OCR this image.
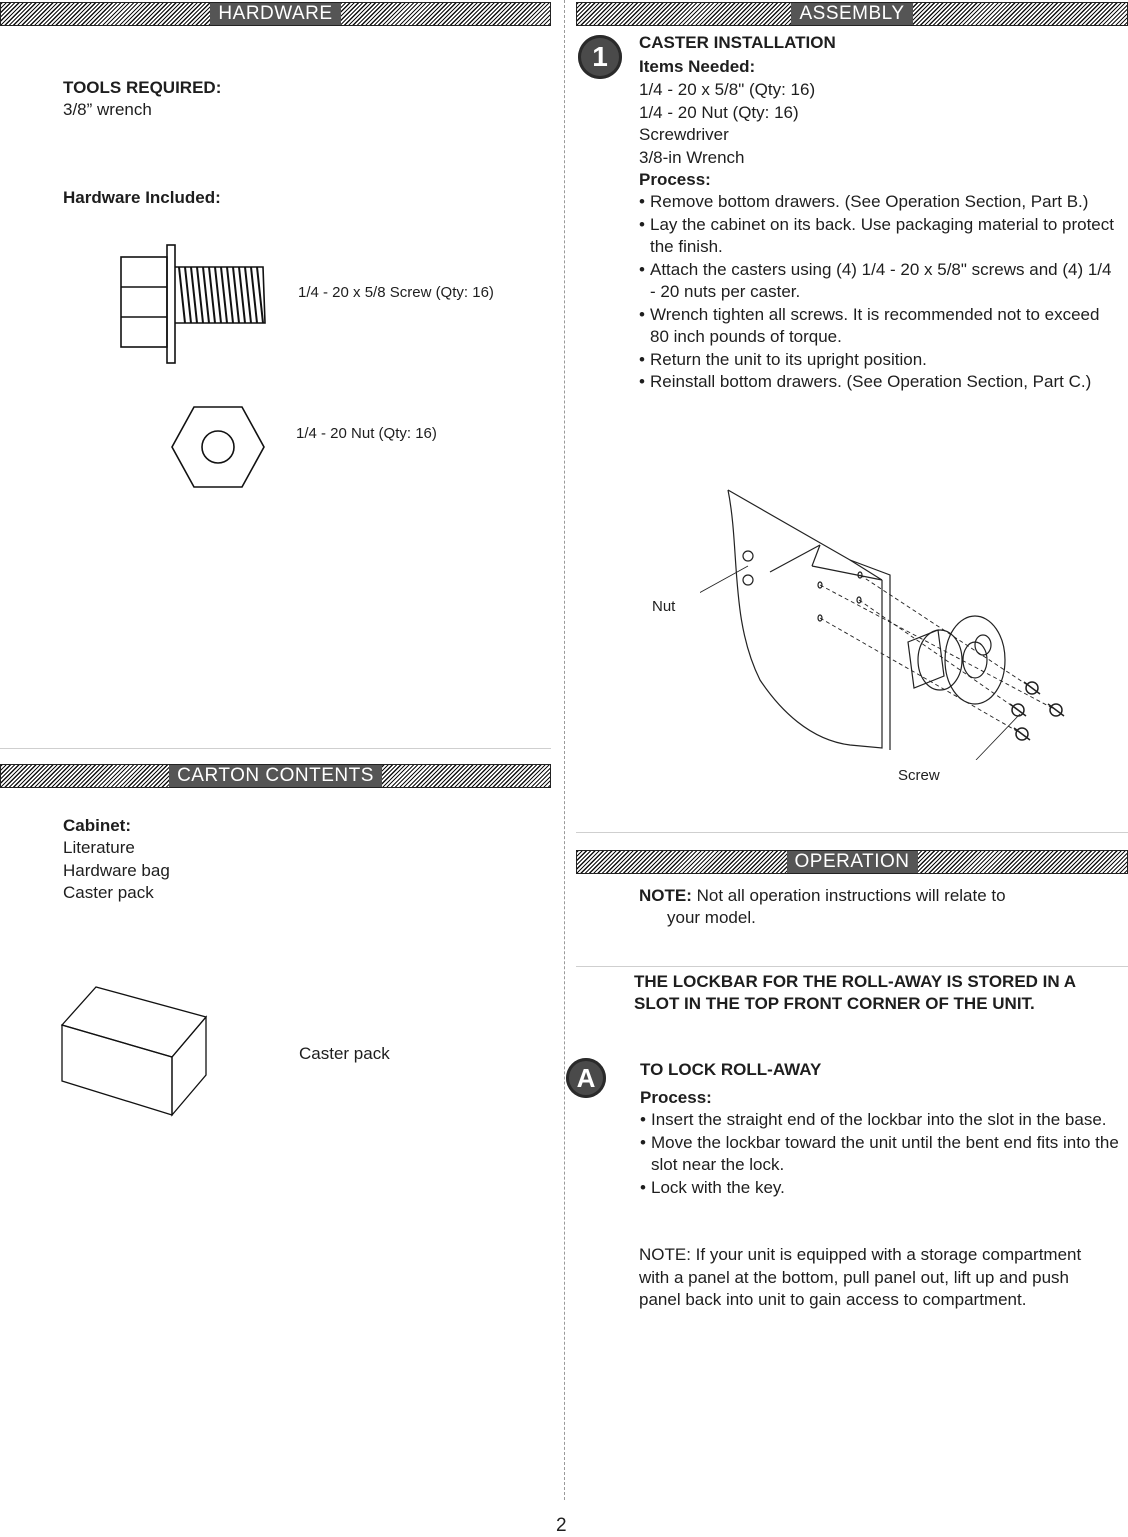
HARDWARE
TOOLS REQUIRED:
3/8” wrench
Hardware Included:
1/4 - 20 x 5/8 Screw (Qty: 16)
1/4 - 20 Nut (Qty: 16)
CARTON CONTENTS
Cabinet:
Literature
Hardware bag
Caster pack
Caster pack
ASSEMBLY
1	CASTER INSTALLATION
Items Needed:
1/4 - 20 x 5/8" (Qty: 16)
1/4 - 20 Nut (Qty: 16)
Screwdriver
3/8-in Wrench
Process:
• Remove bottom drawers. (See Operation Section, Part B.)
• Lay the cabinet on its back. Use packaging material to protect the finish.
• Attach the casters using (4) 1/4 - 20 x 5/8" screws and (4) 1/4 - 20 nuts per caster.
• Wrench tighten all screws. It is recommended not to exceed 80 inch pounds of torque.
• Return the unit to its upright position.
• Reinstall bottom drawers. (See Operation Section, Part C.)
Nut
Screw
OPERATION
NOTE: Not all operation instructions will relate to
your model.
THE LOCKBAR FOR THE ROLL-AWAY IS STORED IN A
SLOT IN THE TOP FRONT CORNER OF THE UNIT.
A	TO LOCK ROLL-AWAY
Process:
• Insert the straight end of the lockbar into the slot in the base.
• Move the lockbar toward the unit until the bent end fits into the slot near the lock.
• Lock with the key.
NOTE: If your unit is equipped with a storage compartment
with a panel at the bottom, pull panel out, lift up and push
panel back into unit to gain access to compartment.
2
